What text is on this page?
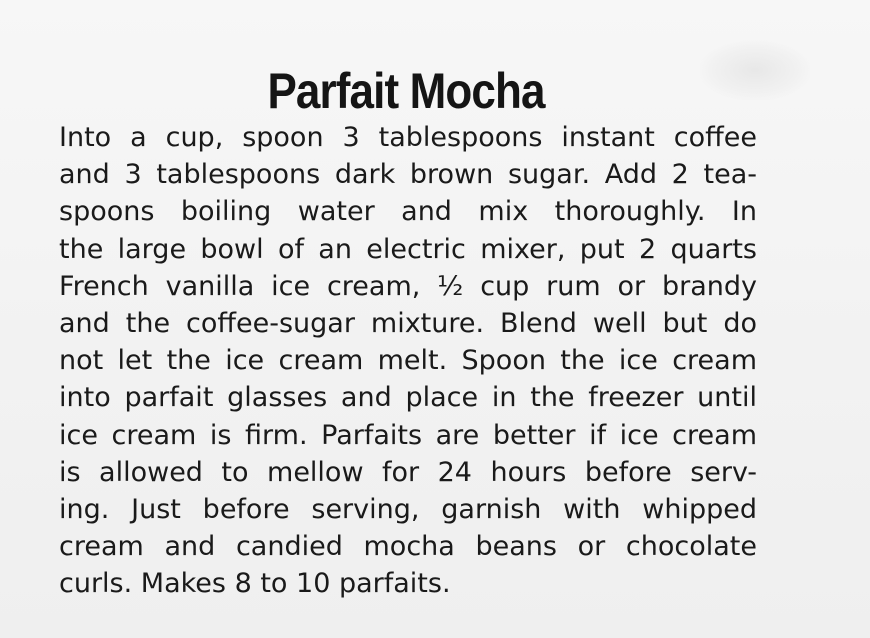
Parfait Mocha
Into a cup, spoon 3 tablespoons instant coffee
and 3 tablespoons dark brown sugar. Add 2 tea-
spoons boiling water and mix thoroughly. In
the large bowl of an electric mixer, put 2 quarts
French vanilla ice cream, ½ cup rum or brandy
and the coffee-sugar mixture. Blend well but do
not let the ice cream melt. Spoon the ice cream
into parfait glasses and place in the freezer until
ice cream is firm. Parfaits are better if ice cream
is allowed to mellow for 24 hours before serv-
ing. Just before serving, garnish with whipped
cream and candied mocha beans or chocolate
curls. Makes 8 to 10 parfaits.
